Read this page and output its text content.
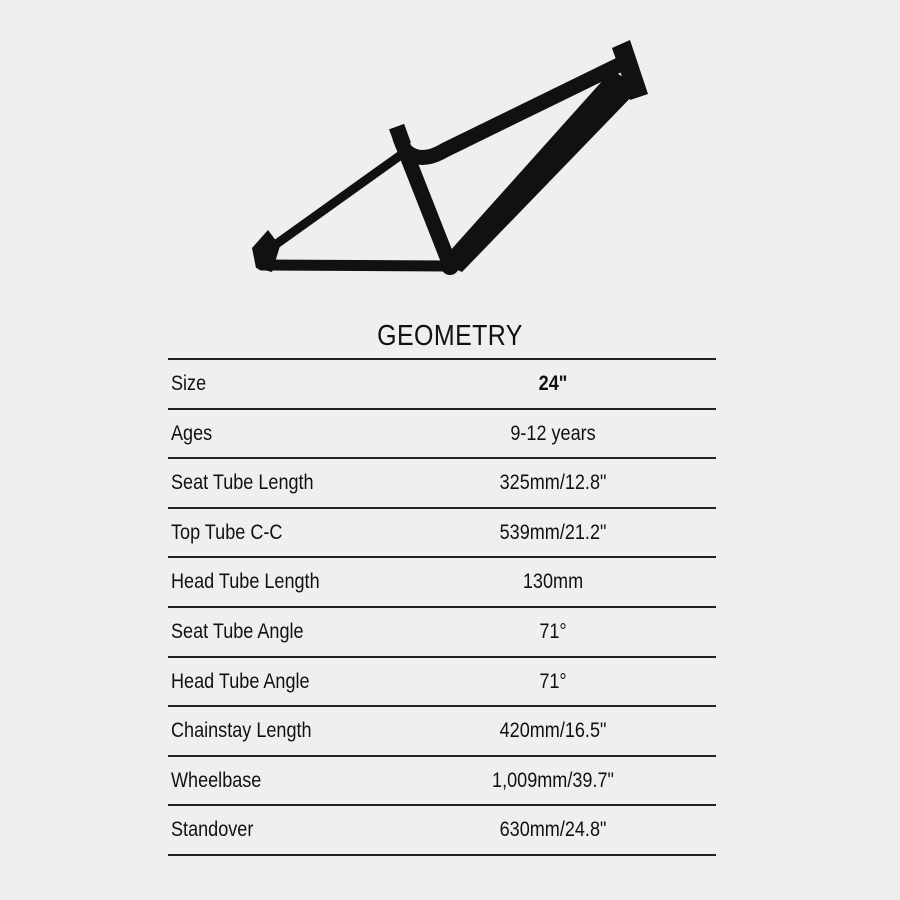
GEOMETRY
Size	24"
Ages	9-12 years
Seat Tube Length	325mm/12.8"
Top Tube C-C	539mm/21.2"
Head Tube Length	130mm
Seat Tube Angle	71°
Head Tube Angle	71°
Chainstay Length	420mm/16.5"
Wheelbase	1,009mm/39.7"
Standover	630mm/24.8"
